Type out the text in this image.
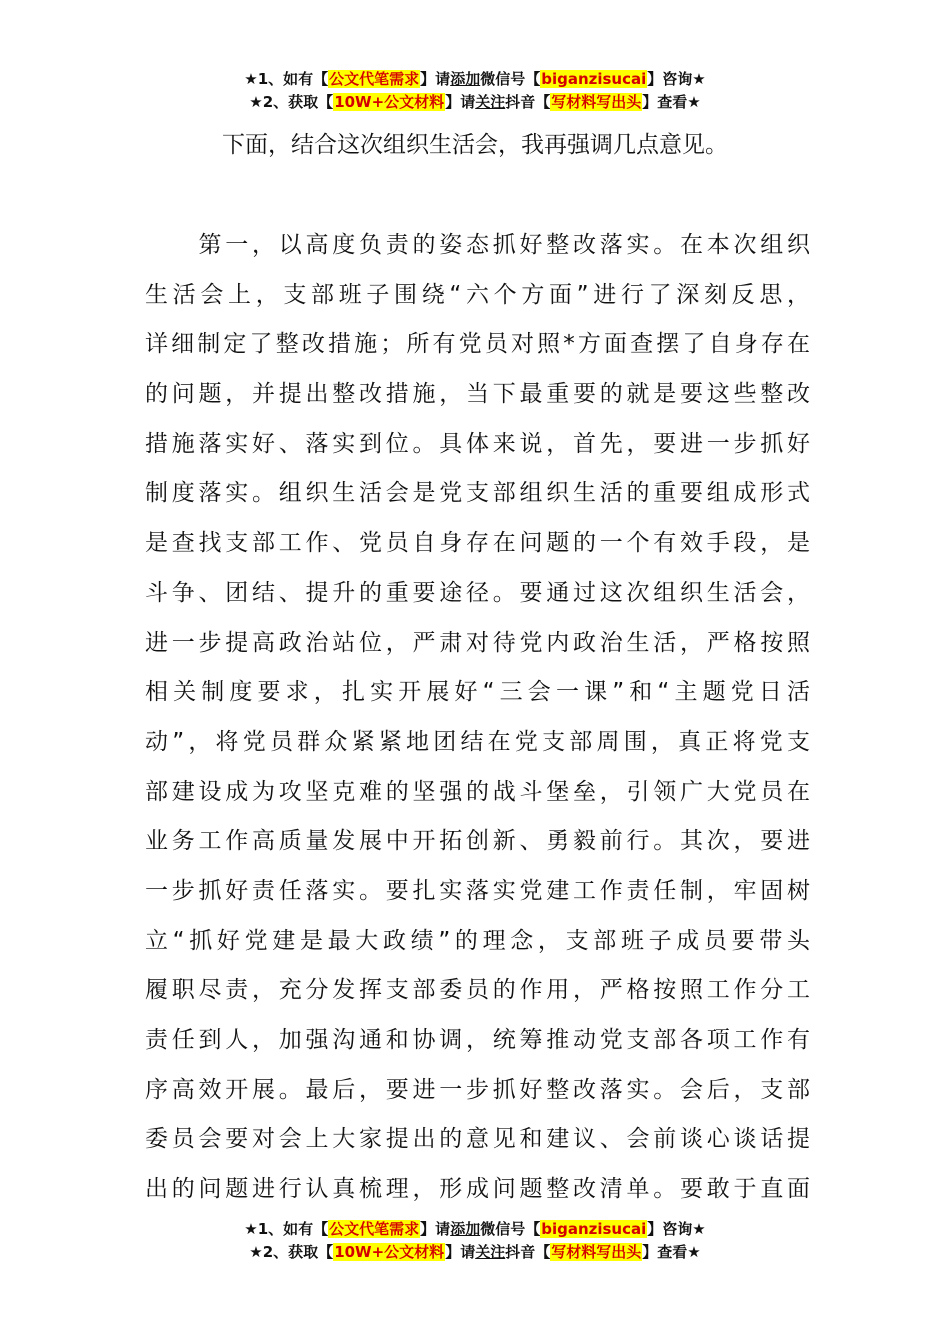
★1、如有【公文代笔需求】请添加微信号【biganzisucai】咨询★
★2、获取【10W+公文材料】请关注抖音【写材料写出头】查看★
下面，结合这次组织生活会，我再强调几点意见。
　　第一，以高度负责的姿态抓好整改落实。在本次组织
生活会上，支部班子围绕“六个方面”进行了深刻反思，
详细制定了整改措施；所有党员对照*方面查摆了自身存在
的问题，并提出整改措施，当下最重要的就是要这些整改
措施落实好、落实到位。具体来说，首先，要进一步抓好
制度落实。组织生活会是党支部组织生活的重要组成形式
是查找支部工作、党员自身存在问题的一个有效手段，是
斗争、团结、提升的重要途径。要通过这次组织生活会，
进一步提高政治站位，严肃对待党内政治生活，严格按照
相关制度要求，扎实开展好“三会一课”和“主题党日活
动”，将党员群众紧紧地团结在党支部周围，真正将党支
部建设成为攻坚克难的坚强的战斗堡垒，引领广大党员在
业务工作高质量发展中开拓创新、勇毅前行。其次，要进
一步抓好责任落实。要扎实落实党建工作责任制，牢固树
立“抓好党建是最大政绩”的理念，支部班子成员要带头
履职尽责，充分发挥支部委员的作用，严格按照工作分工
责任到人，加强沟通和协调，统筹推动党支部各项工作有
序高效开展。最后，要进一步抓好整改落实。会后，支部
委员会要对会上大家提出的意见和建议、会前谈心谈话提
出的问题进行认真梳理，形成问题整改清单。要敢于直面
★1、如有【公文代笔需求】请添加微信号【biganzisucai】咨询★
★2、获取【10W+公文材料】请关注抖音【写材料写出头】查看★
